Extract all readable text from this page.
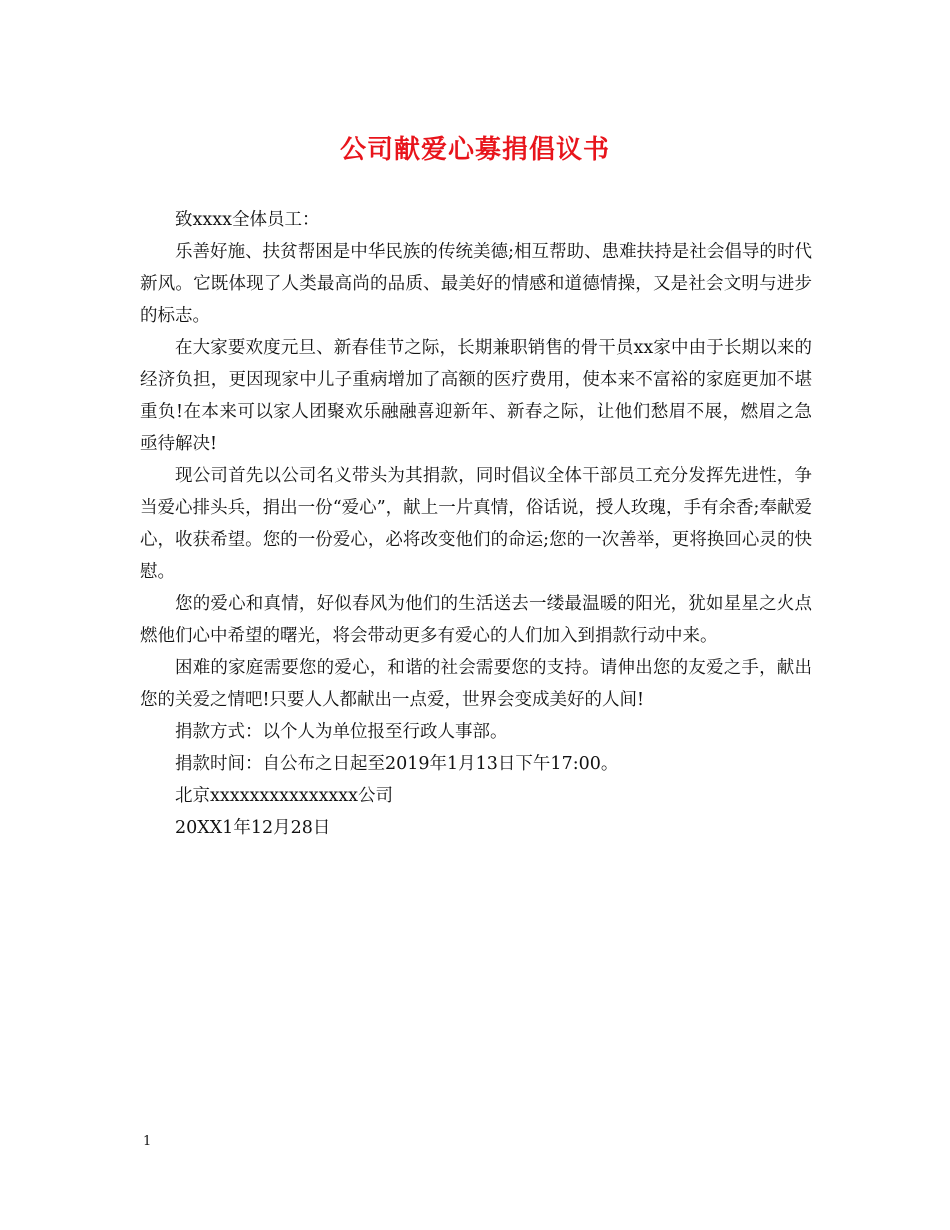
公司献爱心募捐倡议书

致xxxx全体员工：

乐善好施、扶贫帮困是中华民族的传统美德;相互帮助、患难扶持是社会倡导的时代新风。它既体现了人类最高尚的品质、最美好的情感和道德情操，又是社会文明与进步的标志。

在大家要欢度元旦、新春佳节之际，长期兼职销售的骨干员xx家中由于长期以来的经济负担，更因现家中儿子重病增加了高额的医疗费用，使本来不富裕的家庭更加不堪重负!在本来可以家人团聚欢乐融融喜迎新年、新春之际，让他们愁眉不展，燃眉之急亟待解决!

现公司首先以公司名义带头为其捐款，同时倡议全体干部员工充分发挥先进性，争当爱心排头兵，捐出一份“爱心”，献上一片真情，俗话说，授人玫瑰，手有余香;奉献爱心，收获希望。您的一份爱心，必将改变他们的命运;您的一次善举，更将换回心灵的快慰。

您的爱心和真情，好似春风为他们的生活送去一缕最温暖的阳光，犹如星星之火点燃他们心中希望的曙光，将会带动更多有爱心的人们加入到捐款行动中来。

困难的家庭需要您的爱心，和谐的社会需要您的支持。请伸出您的友爱之手，献出您的关爱之情吧!只要人人都献出一点爱，世界会变成美好的人间!

捐款方式：以个人为单位报至行政人事部。

捐款时间：自公布之日起至2019年1月13日下午17:00。

北京xxxxxxxxxxxxxxx公司

20XX1年12月28日

1
